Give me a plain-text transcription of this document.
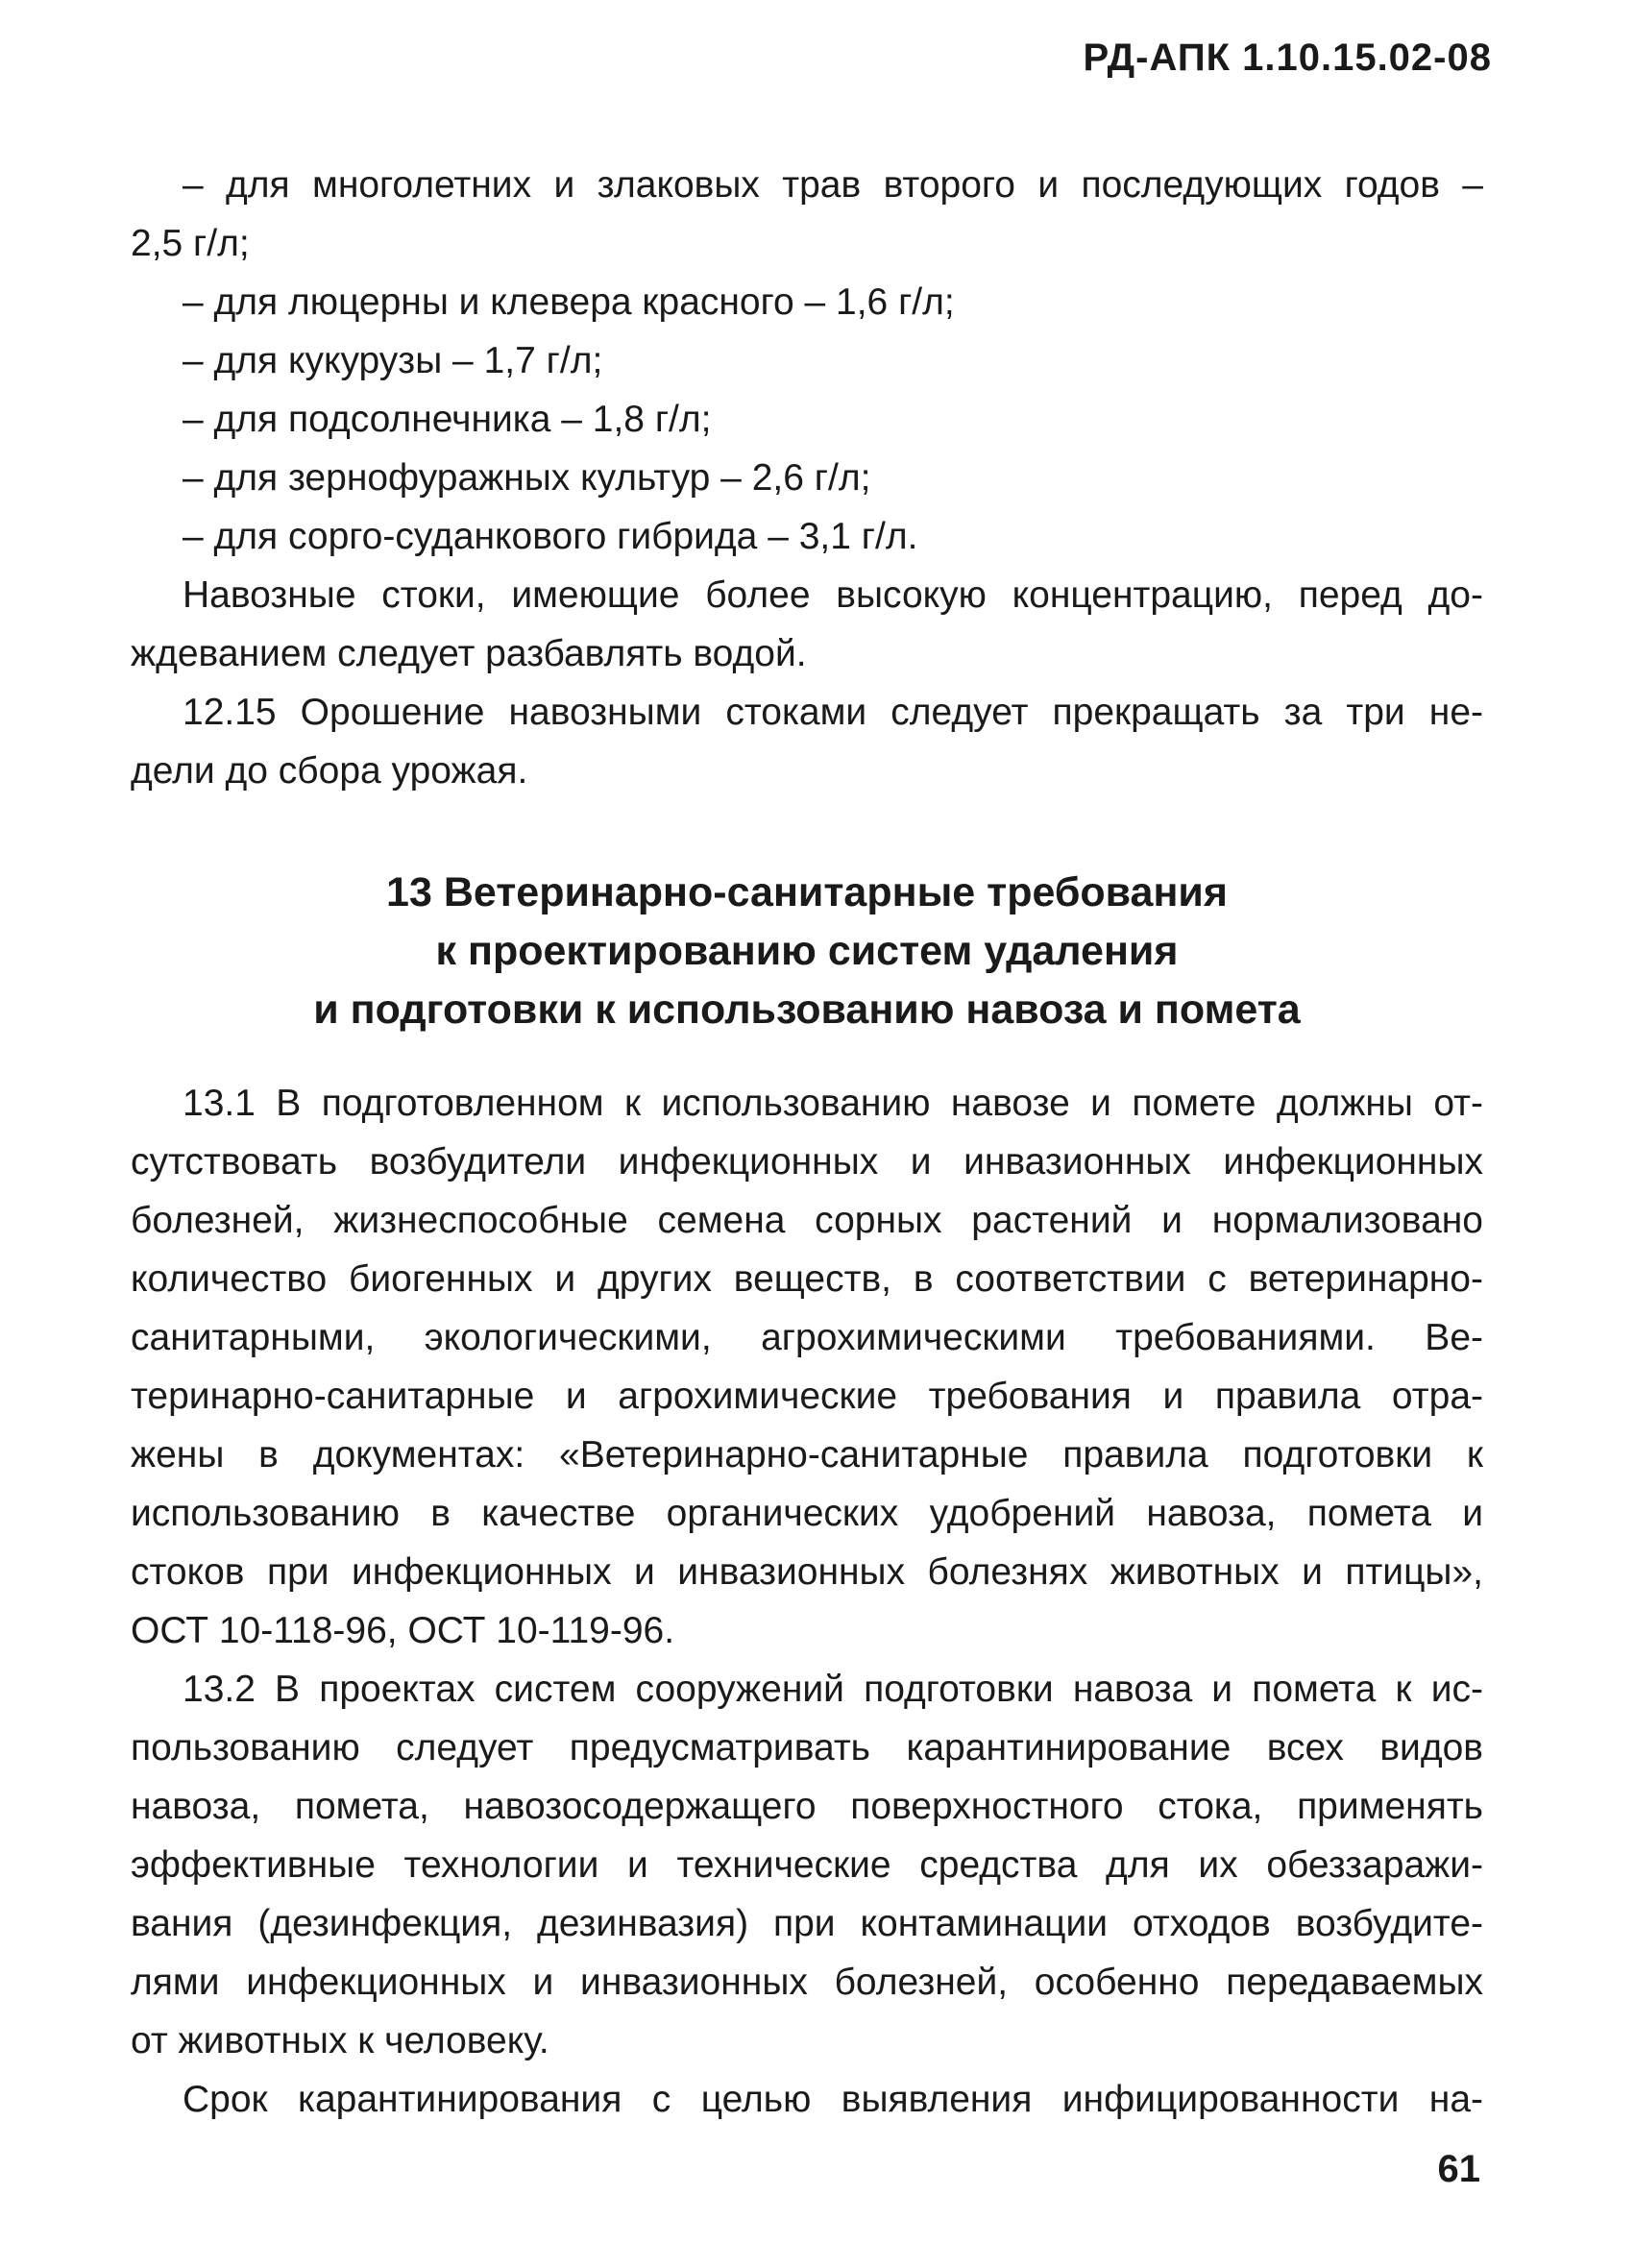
РД-АПК 1.10.15.02-08
– для многолетних и злаковых трав второго и последующих годов –
2,5 г/л;
– для люцерны и клевера красного – 1,6 г/л;
– для кукурузы – 1,7 г/л;
– для подсолнечника – 1,8 г/л;
– для зернофуражных культур – 2,6 г/л;
– для сорго-суданкового гибрида – 3,1 г/л.
Навозные стоки, имеющие более высокую концентрацию, перед до-
ждеванием следует разбавлять водой.
12.15 Орошение навозными стоками следует прекращать за три не-
дели до сбора урожая.
13 Ветеринарно-санитарные требования
к проектированию систем удаления
и подготовки к использованию навоза и помета
13.1 В подготовленном к использованию навозе и помете должны от-
сутствовать возбудители инфекционных и инвазионных инфекционных
болезней, жизнеспособные семена сорных растений и нормализовано
количество биогенных и других веществ, в соответствии с ветеринарно-
санитарными, экологическими, агрохимическими требованиями. Ве-
теринарно-санитарные и агрохимические требования и правила отра-
жены в документах: «Ветеринарно-санитарные правила подготовки к
использованию в качестве органических удобрений навоза, помета и
стоков при инфекционных и инвазионных болезнях животных и птицы»,
ОСТ 10-118-96, ОСТ 10-119-96.
13.2 В проектах систем сооружений подготовки навоза и помета к ис-
пользованию следует предусматривать карантинирование всех видов
навоза, помета, навозосодержащего поверхностного стока, применять
эффективные технологии и технические средства для их обеззаражи-
вания (дезинфекция, дезинвазия) при контаминации отходов возбудите-
лями инфекционных и инвазионных болезней, особенно передаваемых
от животных к человеку.
Срок карантинирования с целью выявления инфицированности на-
61
